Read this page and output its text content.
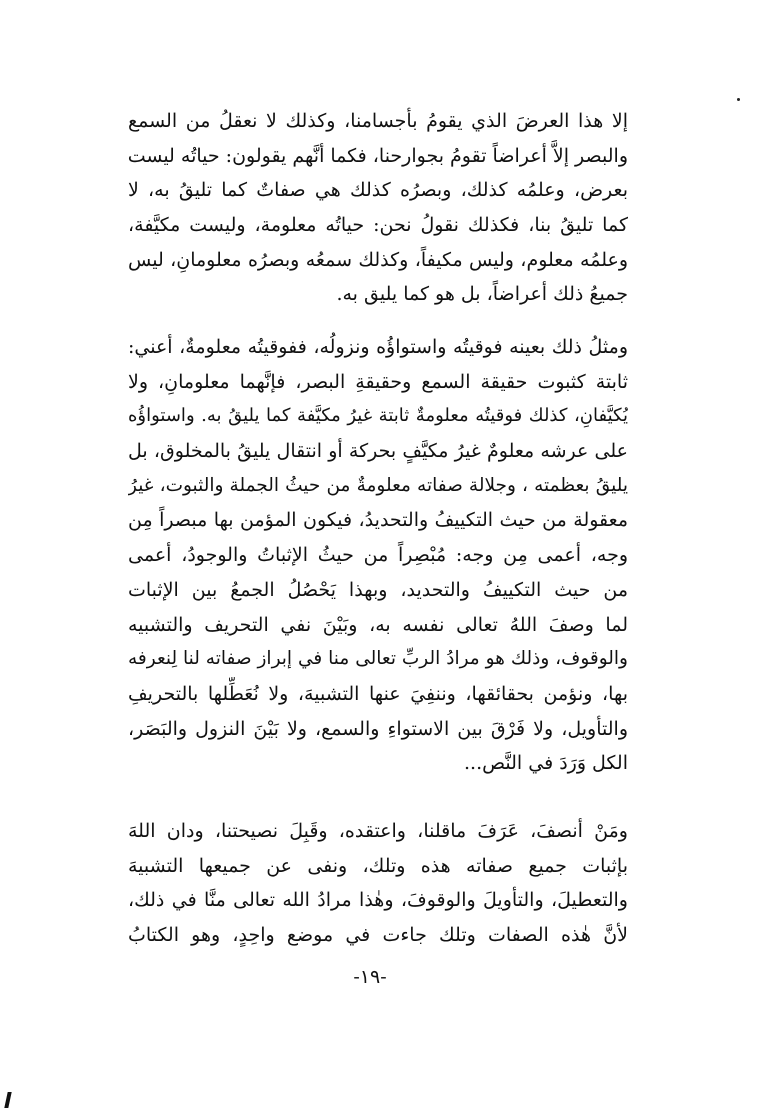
إلا هذا العرضَ الذي يقومُ بأجسامنا، وكذلك لا نعقلُ من السمع
والبصر إلاَّ أعراضاً تقومُ بجوارحنا، فكما أنَّهم يقولون: حياتُه ليست
بعرض، وعلمُه كذلك، وبصرُه كذلك هي صفاتٌ كما تليقُ به، لا
كما تليقُ بنا، فكذلك نقولُ نحن: حياتُه معلومة، وليست مكيَّفة،
وعلمُه معلوم، وليس مكيفاً، وكذلك سمعُه وبصرُه معلومانِ، ليس
جميعُ ذلك أعراضاً، بل هو كما يليق به.
ومثلُ ذلك بعينه فوقيتُه واستواؤُه ونزولُه، ففوقيتُه معلومةٌ، أعني:
ثابتة كثبوت حقيقة السمع وحقيقةِ البصر، فإنَّهما معلومانِ، ولا
يُكيَّفانِ، كذلك فوقيتُه معلومةٌ ثابتة غيرُ مكيَّفة كما يليقُ به. واستواؤُه
على عرشه معلومٌ غيرُ مكيَّفٍ بحركة أو انتقال يليقُ بالمخلوق، بل
يليقُ بعظمته ، وجلالة صفاته معلومةٌ من حيثُ الجملة والثبوت، غيرُ
معقولة من حيث التكييفُ والتحديدُ، فيكون المؤمن بها مبصراً مِن
وجه، أعمى مِن وجه: مُبْصِراً من حيثُ الإثباتُ والوجودُ، أعمى
من حيث التكييفُ والتحديد، وبهذا يَحْصُلُ الجمعُ بين الإثبات
لما وصفَ اللهُ تعالى نفسه به، وبَيْنَ نفي التحريف والتشبيه
والوقوف، وذلك هو مرادُ الربِّ تعالى منا في إبراز صفاته لنا لِنعرفه
بها، ونؤمن بحقائقها، وننفِيَ عنها التشبيهَ، ولا نُعَطِّلها بالتحريفِ
والتأويل، ولا فَرْقَ بين الاستواءِ والسمع، ولا بَيْنَ النزول والبَصَر،
الكل وَرَدَ في النَّص...
ومَنْ أنصفَ، عَرَفَ ماقلنا، واعتقده، وقَبِلَ نصيحتنا، ودان اللهَ
بإثبات جميع صفاته هذه وتلك، ونفى عن جميعها التشبيهَ
والتعطيلَ، والتأويلَ والوقوفَ، وهٰذا مرادُ الله تعالى منَّا في ذلك،
لأنَّ هٰذه الصفات وتلك جاءت في موضع واحِدٍ، وهو الكتابُ
-١٩-
